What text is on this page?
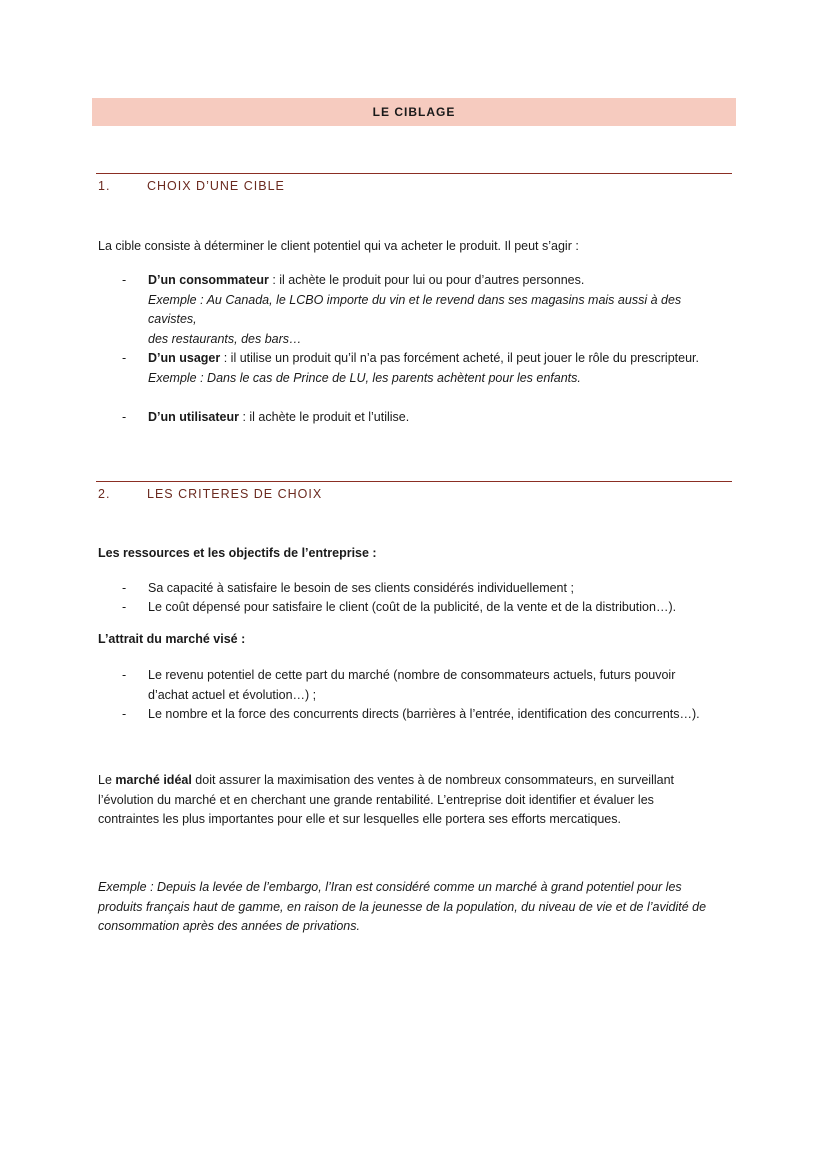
LE CIBLAGE
1.	CHOIX D’UNE CIBLE
La cible consiste à déterminer le client potentiel qui va acheter le produit. Il peut s’agir :
-	D’un consommateur : il achète le produit pour lui ou pour d’autres personnes.
Exemple : Au Canada, le LCBO importe du vin et le revend dans ses magasins mais aussi à des cavistes,
des restaurants, des bars…
-	D’un usager : il utilise un produit qu’il n’a pas forcément acheté, il peut jouer le rôle du prescripteur.
Exemple : Dans le cas de Prince de LU, les parents achètent pour les enfants.
-	D’un utilisateur : il achète le produit et l’utilise.
2.	LES CRITERES DE CHOIX
Les ressources et les objectifs de l’entreprise :
-	Sa capacité à satisfaire le besoin de ses clients considérés individuellement ;
-	Le coût dépensé pour satisfaire le client (coût de la publicité, de la vente et de la distribution…).
L’attrait du marché visé :
-	Le revenu potentiel de cette part du marché (nombre de consommateurs actuels, futurs pouvoir
d’achat actuel et évolution…) ;
-	Le nombre et la force des concurrents directs (barrières à l’entrée, identification des concurrents…).
Le marché idéal doit assurer la maximisation des ventes à de nombreux consommateurs, en surveillant
l’évolution du marché et en cherchant une grande rentabilité. L’entreprise doit identifier et évaluer les
contraintes les plus importantes pour elle et sur lesquelles elle portera ses efforts mercatiques.
Exemple : Depuis la levée de l’embargo, l’Iran est considéré comme un marché à grand potentiel pour les
produits français haut de gamme, en raison de la jeunesse de la population, du niveau de vie et de l’avidité de
consommation après des années de privations.
